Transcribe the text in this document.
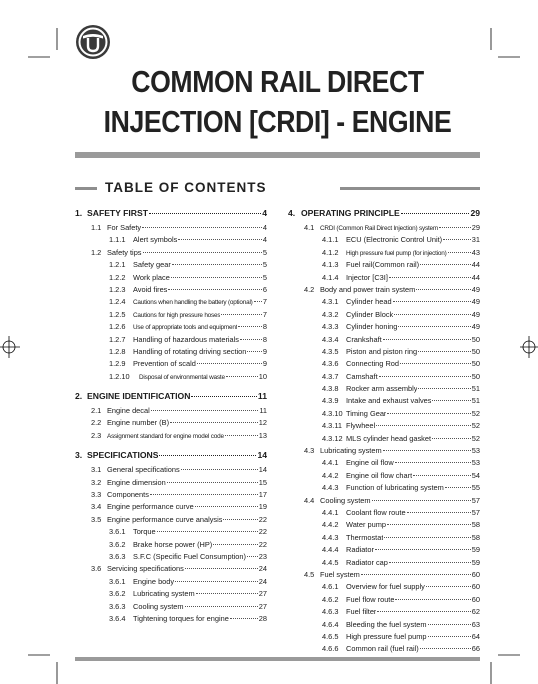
COMMON RAIL DIRECT
INJECTION [CRDI] - ENGINE
TABLE OF CONTENTS
1. SAFETY FIRST	4
1.1 For Safety	4
1.1.1	Alert symbols	4
1.2 Safety tips	5
1.2.1	Safety gear	5
1.2.2	Work place	5
1.2.3	Avoid fires	6
1.2.4	Cautions when handling the battery (optional) 7
1.2.5	Cautions for high pressure hoses	7
1.2.6	Use of appropriate tools and equipment	8
1.2.7	Handling of hazardous materials	8
1.2.8	Handling of rotating driving section 9
1.2.9	Prevention of scald	9
1.2.10	Disposal of environmental waste	10
2. ENGINE IDENTIFICATION	11
2.1 Engine decal	11
2.2 Engine number (B)	12
2.3 Assignment standard for engine model code	13
3. SPECIFICATIONS	14
3.1 General specifications	14
3.2 Engine dimension	15
3.3 Components	17
3.4 Engine performance curve	19
3.5 Engine performance curve analysis	22
3.6.1	Torque	22
3.6.2	Brake horse power (HP)	22
3.6.3	S.F.C (Specific Fuel Consumption) 23
3.6 Servicing specifications	24
3.6.1	Engine body	24
3.6.2	Lubricating system	27
3.6.3	Cooling system	27
3.6.4	Tightening torques for engine	28
4. OPERATING PRINCIPLE	29
4.1 CRDI (Common Rail Direct Injection) system	29
4.1.1	ECU (Electronic Control Unit)	31
4.1.2	High pressure fuel pump (for injection)	43
4.1.3	Fuel rail(Common rail)	44
4.1.4	Injector [C3I]	44
4.2 Body and power train system	49
4.3.1	Cylinder head	49
4.3.2	Cylinder Block	49
4.3.3	Cylinder honing	49
4.3.4	Crankshaft	50
4.3.5	Piston and piston ring	50
4.3.6	Connecting Rod	50
4.3.7	Camshaft	50
4.3.8	Rocker arm assembly	51
4.3.9	Intake and exhaust valves	51
4.3.10 Timing Gear	52
4.3.11 Flywheel	52
4.3.12 MLS cylinder head gasket	52
4.3 Lubricating system	53
4.4.1	Engine oil flow	53
4.4.2	Engine oil flow chart	54
4.4.3	Function of lubricating system	55
4.4 Cooling system	57
4.4.1	Coolant flow route	57
4.4.2	Water pump	58
4.4.3	Thermostat	58
4.4.4	Radiator	59
4.4.5	Radiator cap	59
4.5 Fuel system	60
4.6.1	Overview for fuel supply	60
4.6.2	Fuel flow route	60
4.6.3	Fuel filter	62
4.6.4	Bleeding the fuel system	63
4.6.5	High pressure fuel pump	64
4.6.6	Common rail (fuel rail)	66
